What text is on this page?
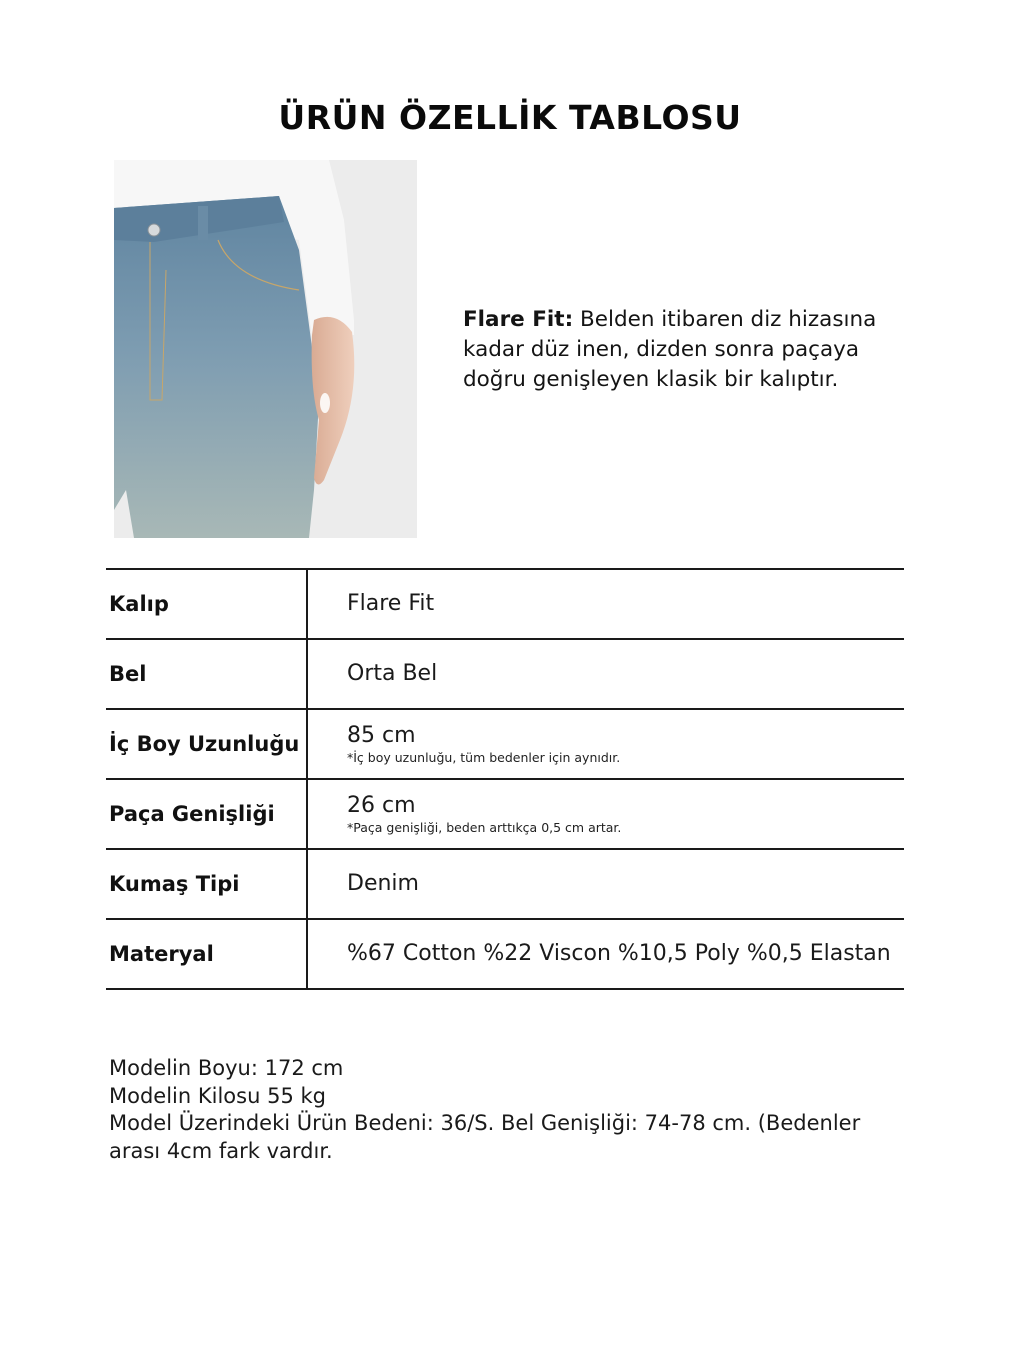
ÜRÜN ÖZELLİK TABLOSU

Flare Fit: Belden itibaren diz hizasına kadar düz inen, dizden sonra paçaya doğru genişleyen klasik bir kalıptır.

Kalıp	Flare Fit
Bel	Orta Bel
İç Boy Uzunluğu	85 cm
*İç boy uzunluğu, tüm bedenler için aynıdır.
Paça Genişliği	26 cm
*Paça genişliği, beden arttıkça 0,5 cm artar.
Kumaş Tipi	Denim
Materyal	%67 Cotton %22 Viscon %10,5 Poly %0,5 Elastan
Modelin Boyu: 172 cm
Modelin Kilosu 55 kg
Model Üzerindeki Ürün Bedeni: 36/S. Bel Genişliği: 74-78 cm. (Bedenler arası 4cm fark vardır.
